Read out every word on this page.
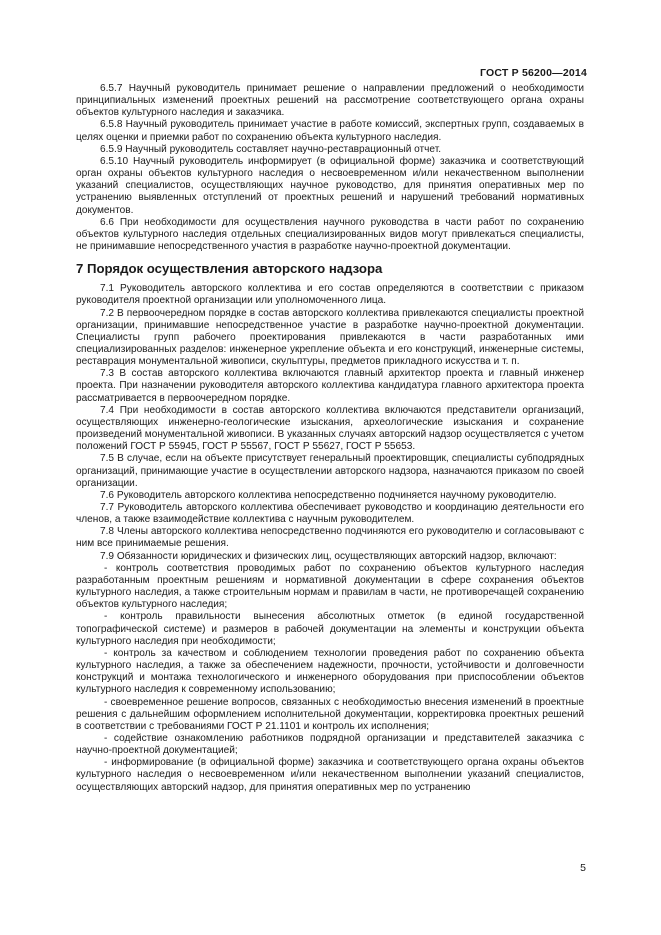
ГОСТ Р 56200—2014

6.5.7 Научный руководитель принимает решение о направлении предложений о необходимости принципиальных изменений проектных решений на рассмотрение соответствующего органа охраны объектов культурного наследия и заказчика.

6.5.8 Научный руководитель принимает участие в работе комиссий, экспертных групп, создаваемых в целях оценки и приемки работ по сохранению объекта культурного наследия.

6.5.9 Научный руководитель составляет научно-реставрационный отчет.

6.5.10 Научный руководитель информирует (в официальной форме) заказчика и соответствующий орган охраны объектов культурного наследия о несвоевременном и/или некачественном выполнении указаний специалистов, осуществляющих научное руководство, для принятия оперативных мер по устранению выявленных отступлений от проектных решений и нарушений требований нормативных документов.

6.6 При необходимости для осуществления научного руководства в части работ по сохранению объектов культурного наследия отдельных специализированных видов могут привлекаться специалисты, не принимавшие непосредственного участия в разработке научно-проектной документации.

7 Порядок осуществления авторского надзора

7.1 Руководитель авторского коллектива и его состав определяются в соответствии с приказом руководителя проектной организации или уполномоченного лица.

7.2 В первоочередном порядке в состав авторского коллектива привлекаются специалисты проектной организации, принимавшие непосредственное участие в разработке научно-проектной документации. Специалисты групп рабочего проектирования привлекаются в части разработанных ими специализированных разделов: инженерное укрепление объекта и его конструкций, инженерные системы, реставрация монументальной живописи, скульптуры, предметов прикладного искусства и т. п.

7.3 В состав авторского коллектива включаются главный архитектор проекта и главный инженер проекта. При назначении руководителя авторского коллектива кандидатура главного архитектора проекта рассматривается в первоочередном порядке.

7.4 При необходимости в состав авторского коллектива включаются представители организаций, осуществляющих инженерно-геологические изыскания, археологические изыскания и сохранение произведений монументальной живописи. В указанных случаях авторский надзор осуществляется с учетом положений ГОСТ Р 55945, ГОСТ Р 55567, ГОСТ Р 55627, ГОСТ Р 55653.

7.5 В случае, если на объекте присутствует генеральный проектировщик, специалисты субподрядных организаций, принимающие участие в осуществлении авторского надзора, назначаются приказом по своей организации.

7.6 Руководитель авторского коллектива непосредственно подчиняется научному руководителю.

7.7 Руководитель авторского коллектива обеспечивает руководство и координацию деятельности его членов, а также взаимодействие коллектива с научным руководителем.

7.8 Члены авторского коллектива непосредственно подчиняются его руководителю и согласовывают с ним все принимаемые решения.

7.9 Обязанности юридических и физических лиц, осуществляющих авторский надзор, включают:

- контроль соответствия проводимых работ по сохранению объектов культурного наследия разработанным проектным решениям и нормативной документации в сфере сохранения объектов культурного наследия, а также строительным нормам и правилам в части, не противоречащей сохранению объектов культурного наследия;

- контроль правильности вынесения абсолютных отметок (в единой государственной топографической системе) и размеров в рабочей документации на элементы и конструкции объекта культурного наследия при необходимости;

- контроль за качеством и соблюдением технологии проведения работ по сохранению объекта культурного наследия, а также за обеспечением надежности, прочности, устойчивости и долговечности конструкций и монтажа технологического и инженерного оборудования при приспособлении объектов культурного наследия к современному использованию;

- своевременное решение вопросов, связанных с необходимостью внесения изменений в проектные решения с дальнейшим оформлением исполнительной документации, корректировка проектных решений в соответствии с требованиями ГОСТ Р 21.1101 и контроль их исполнения;

- содействие ознакомлению работников подрядной организации и представителей заказчика с научно-проектной документацией;

- информирование (в официальной форме) заказчика и соответствующего органа охраны объектов культурного наследия о несвоевременном и/или некачественном выполнении указаний специалистов, осуществляющих авторский надзор, для принятия оперативных мер по устранению

5
